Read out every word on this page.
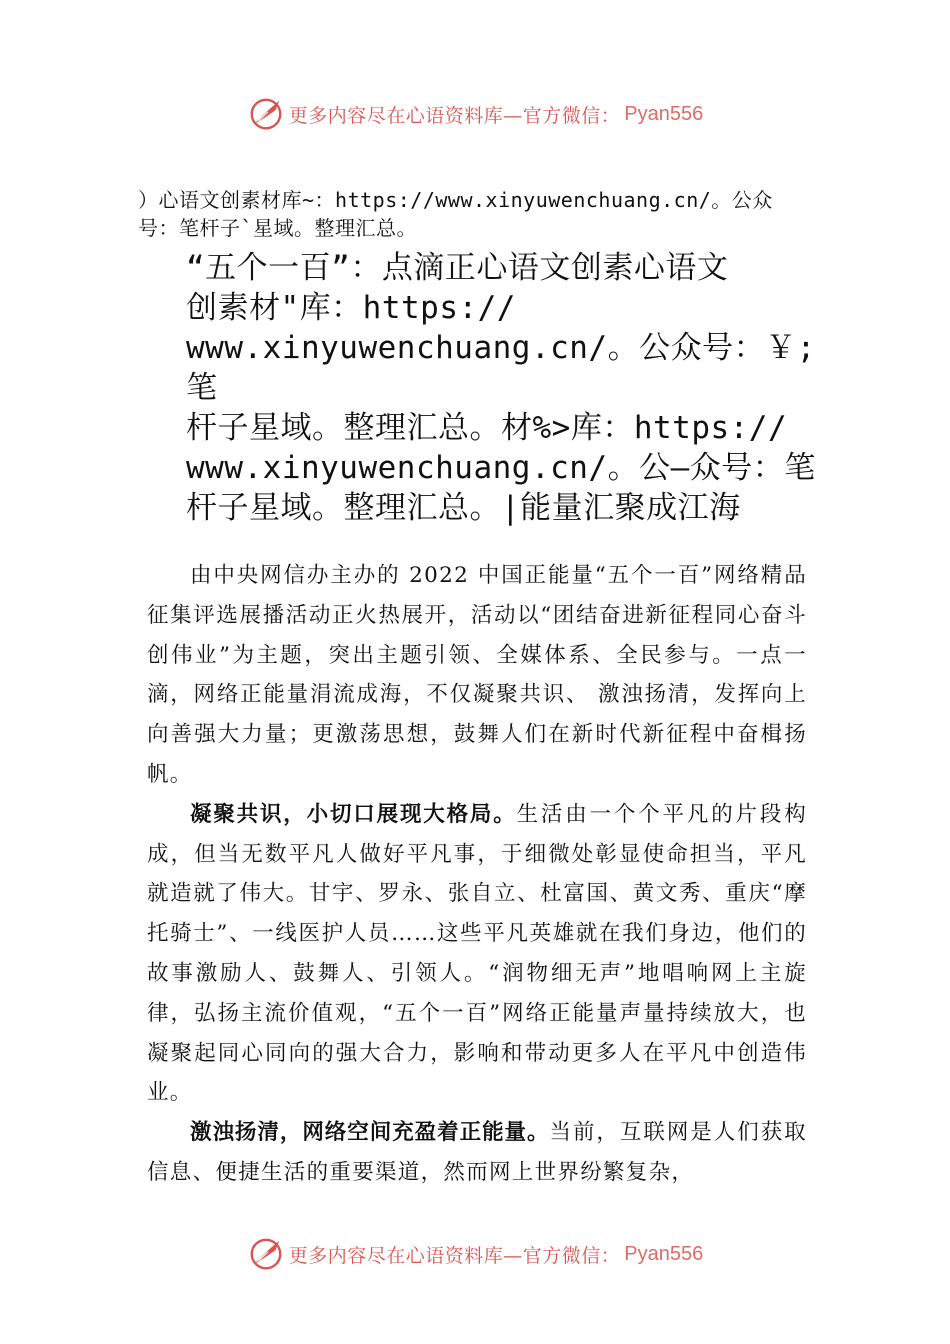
更多内容尽在心语资料库—官方微信： Pyan556
）心语文创素材库~：https://www.xinyuwenchuang.cn/。公众
号：笔杆子`星域。整理汇总。
“五个一百”：点滴正心语文创素心语文
创素材"库：https://
www.xinyuwenchuang.cn/。公众号：￥;笔
杆子星域。整理汇总。材%>库：https://
www.xinyuwenchuang.cn/。公—众号：笔
杆子星域。整理汇总。|能量汇聚成江海

由中央网信办主办的 2022 中国正能量“五个一百”网络精品征集评选展播活动正火热展开，活动以“团结奋进新征程同心奋斗创伟业”为主题，突出主题引领、全媒体系、全民参与。一点一滴，网络正能量涓流成海，不仅凝聚共识、 激浊扬清，发挥向上向善强大力量；更激荡思想，鼓舞人们在新时代新征程中奋楫扬帆。

凝聚共识，小切口展现大格局。生活由一个个平凡的片段构成，但当无数平凡人做好平凡事，于细微处彰显使命担当，平凡就造就了伟大。甘宇、罗永、张自立、杜富国、黄文秀、重庆“摩托骑士”、一线医护人员……这些平凡英雄就在我们身边，他们的故事激励人、鼓舞人、引领人。“润物细无声”地唱响网上主旋律，弘扬主流价值观，“五个一百”网络正能量声量持续放大，也凝聚起同心同向的强大合力，影响和带动更多人在平凡中创造伟业。

激浊扬清，网络空间充盈着正能量。当前，互联网是人们获取信息、便捷生活的重要渠道，然而网上世界纷繁复杂，

更多内容尽在心语资料库—官方微信： Pyan556
